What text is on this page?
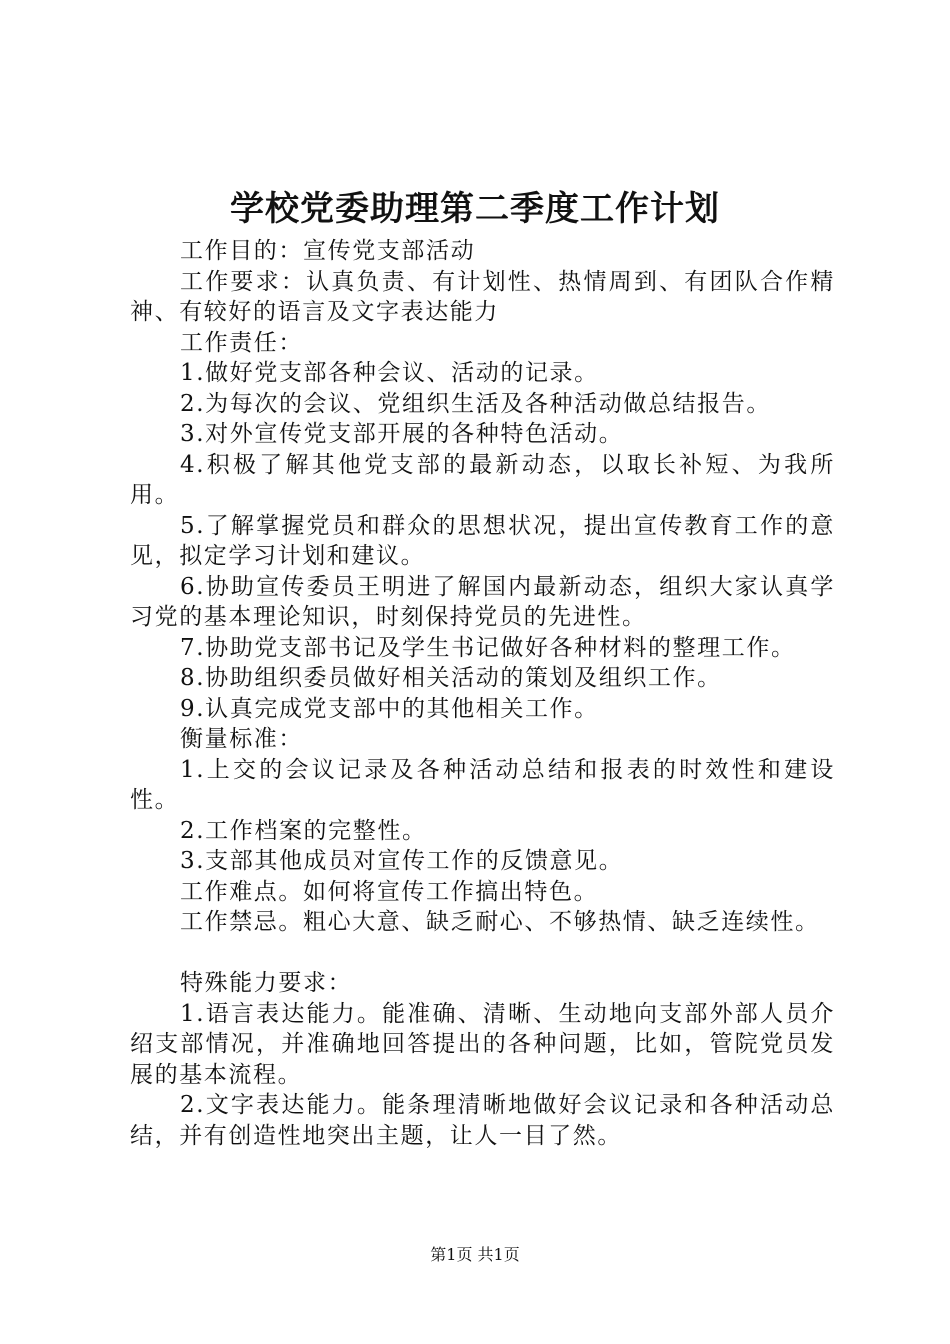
学校党委助理第二季度工作计划

工作目的：宣传党支部活动

工作要求：认真负责、有计划性、热情周到、有团队合作精神、有较好的语言及文字表达能力

工作责任：

1.做好党支部各种会议、活动的记录。

2.为每次的会议、党组织生活及各种活动做总结报告。

3.对外宣传党支部开展的各种特色活动。

4.积极了解其他党支部的最新动态，以取长补短、为我所用。

5.了解掌握党员和群众的思想状况，提出宣传教育工作的意见，拟定学习计划和建议。

6.协助宣传委员王明进了解国内最新动态，组织大家认真学习党的基本理论知识，时刻保持党员的先进性。

7.协助党支部书记及学生书记做好各种材料的整理工作。

8.协助组织委员做好相关活动的策划及组织工作。

9.认真完成党支部中的其他相关工作。

衡量标准：

1.上交的会议记录及各种活动总结和报表的时效性和建设性。

2.工作档案的完整性。

3.支部其他成员对宣传工作的反馈意见。

工作难点。如何将宣传工作搞出特色。

工作禁忌。粗心大意、缺乏耐心、不够热情、缺乏连续性。

特殊能力要求：

1.语言表达能力。能准确、清晰、生动地向支部外部人员介绍支部情况，并准确地回答提出的各种问题，比如，管院党员发展的基本流程。

2.文字表达能力。能条理清晰地做好会议记录和各种活动总结，并有创造性地突出主题，让人一目了然。

第1页 共1页
